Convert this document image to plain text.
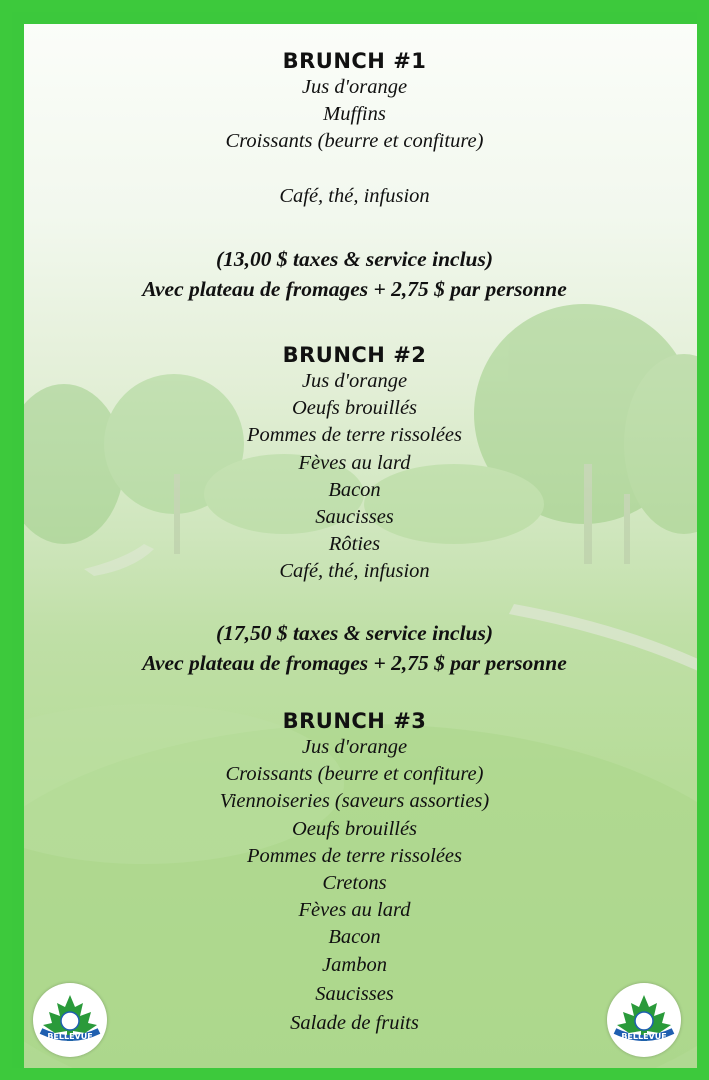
BELLEVUE	BELLEVUE

BRUNCH #1

Jus d'orange

Muffins

Croissants (beurre et confiture)

Café, thé, infusion

(13,00 $ taxes & service inclus)

Avec plateau de fromages + 2,75 $ par personne

BRUNCH #2

Jus d'orange

Oeufs brouillés

Pommes de terre rissolées

Fèves au lard

Bacon

Saucisses

Rôties

Café, thé, infusion

(17,50 $ taxes & service inclus)

Avec plateau de fromages + 2,75 $ par personne

BRUNCH #3

Jus d'orange

Croissants (beurre et confiture)

Viennoiseries (saveurs assorties)

Oeufs brouillés

Pommes de terre rissolées

Cretons

Fèves au lard

Bacon

Jambon

Saucisses

Salade de fruits
